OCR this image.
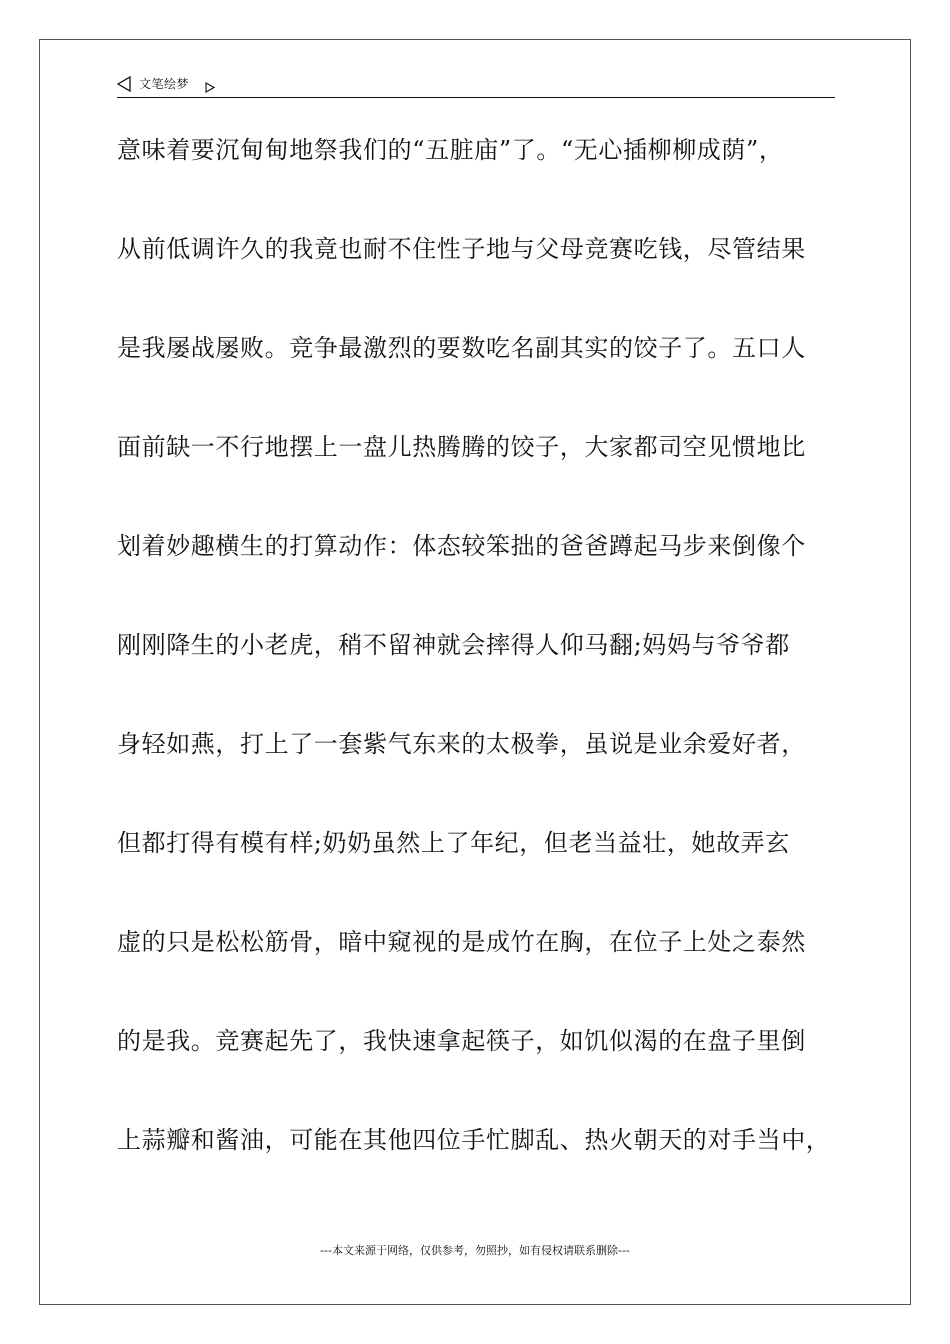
文笔绘梦
意味着要沉甸甸地祭我们的“五脏庙”了。“无心插柳柳成荫”，
从前低调许久的我竟也耐不住性子地与父母竞赛吃钱，尽管结果
是我屡战屡败。竞争最激烈的要数吃名副其实的饺子了。五口人
面前缺一不行地摆上一盘儿热腾腾的饺子，大家都司空见惯地比
划着妙趣横生的打算动作：体态较笨拙的爸爸蹲起马步来倒像个
刚刚降生的小老虎，稍不留神就会摔得人仰马翻;妈妈与爷爷都
身轻如燕，打上了一套紫气东来的太极拳，虽说是业余爱好者，
但都打得有模有样;奶奶虽然上了年纪，但老当益壮，她故弄玄
虚的只是松松筋骨，暗中窥视的是成竹在胸，在位子上处之泰然
的是我。竞赛起先了，我快速拿起筷子，如饥似渴的在盘子里倒
上蒜瓣和酱油，可能在其他四位手忙脚乱、热火朝天的对手当中，
---本文来源于网络，仅供参考，勿照抄，如有侵权请联系删除---
